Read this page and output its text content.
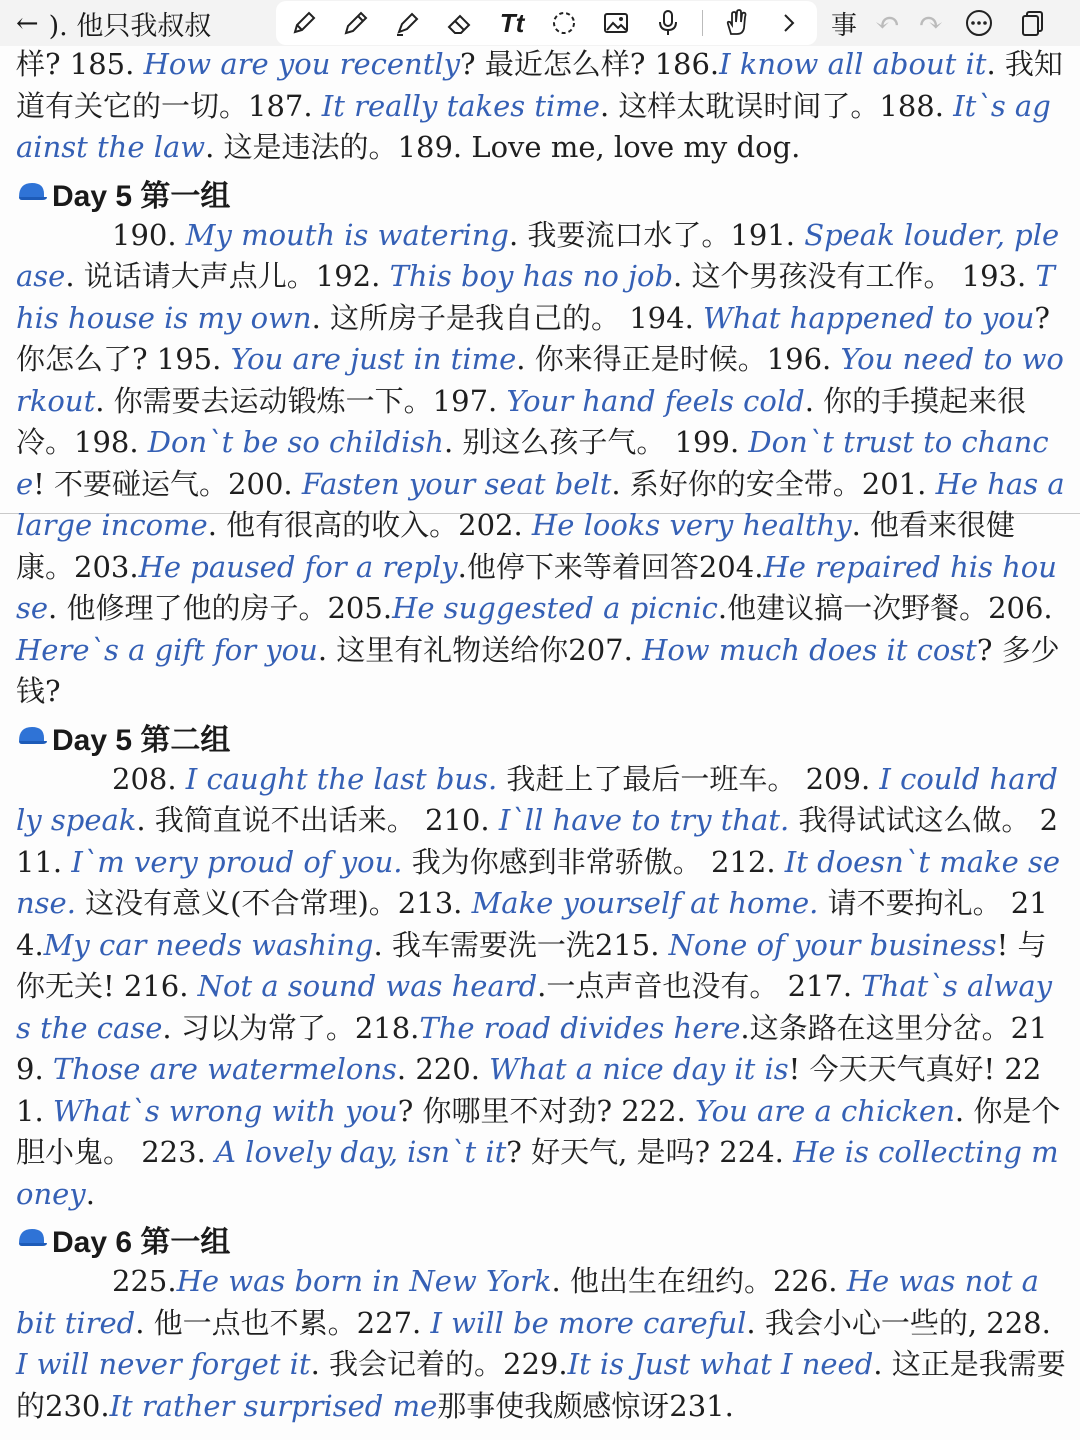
← ). 他只我叔叔	Tt	事 ↶ ↷

样? 185. How are you recently? 最近怎么样? 186.I know all about it. 我知道有关它的一切。187. It really takes time. 这样太耽误时间了。188. It`s against the law. 这是违法的。189. Love me, love my dog.

Day 5 第一组

190. My mouth is watering. 我要流口水了。191. Speak louder, please. 说话请大声点儿。192. This boy has no job. 这个男孩没有工作。 193. This house is my own. 这所房子是我自己的。 194. What happened to you? 你怎么了? 195. You are just in time. 你来得正是时候。196. You need to workout. 你需要去运动锻炼一下。197. Your hand feels cold. 你的手摸起来很冷。198. Don`t be so childish. 别这么孩子气。 199. Don`t trust to chance! 不要碰运气。200. Fasten your seat belt. 系好你的安全带。201. He has a large income. 他有很高的收入。202. He looks very healthy. 他看来很健康。203.He paused for a reply.他停下来等着回答204.He repaired his house. 他修理了他的房子。205.He suggested a picnic.他建议搞一次野餐。206.Here`s a gift for you. 这里有礼物送给你207. How much does it cost? 多少钱?

Day 5 第二组

208. I caught the last bus. 我赶上了最后一班车。 209. I could hardly speak. 我简直说不出话来。 210. I`ll have to try that. 我得试试这么做。 211. I`m very proud of you. 我为你感到非常骄傲。 212. It doesn`t make sense. 这没有意义(不合常理)。213. Make yourself at home. 请不要拘礼。 214.My car needs washing. 我车需要洗一洗215. None of your business! 与你无关! 216. Not a sound was heard.一点声音也没有。 217. That`s always the case. 习以为常了。218.The road divides here.这条路在这里分岔。219. Those are watermelons. 220. What a nice day it is! 今天天气真好! 221. What`s wrong with you? 你哪里不对劲? 222. You are a chicken. 你是个胆小鬼。 223. A lovely day, isn`t it? 好天气, 是吗? 224. He is collecting money.

Day 6 第一组

225.He was born in New York. 他出生在纽约。226. He was not a bit tired. 他一点也不累。227. I will be more careful. 我会小心一些的, 228. I will never forget it. 我会记着的。229.It is Just what I need. 这正是我需要的230.It rather surprised me那事使我颇感惊讶231.
